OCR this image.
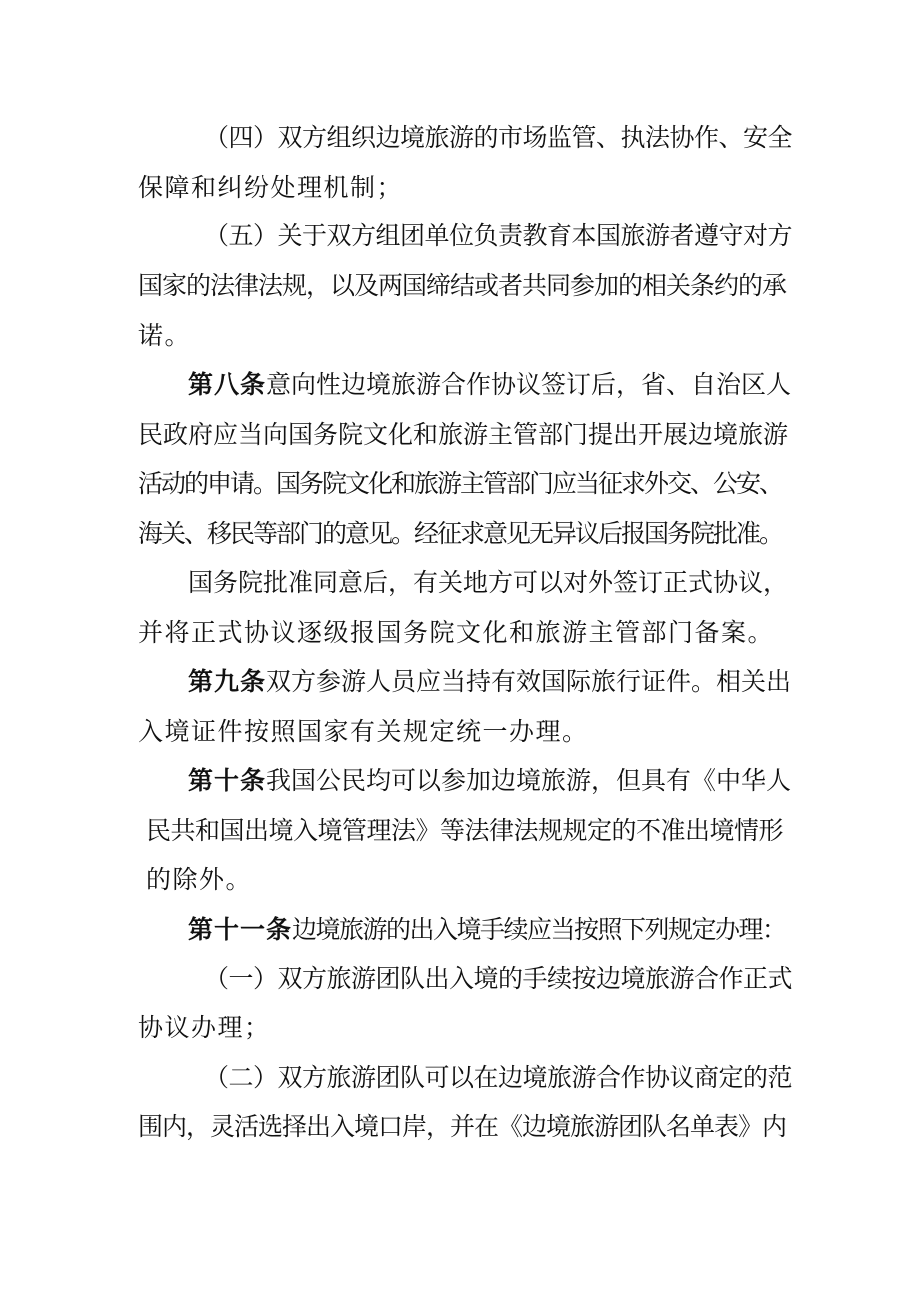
（四）双方组织边境旅游的市场监管、执法协作、安全
保障和纠纷处理机制；
（五）关于双方组团单位负责教育本国旅游者遵守对方
国家的法律法规，以及两国缔结或者共同参加的相关条约的承
诺。
第八条意向性边境旅游合作协议签订后，省、自治区人
民政府应当向国务院文化和旅游主管部门提出开展边境旅游
活动的申请。国务院文化和旅游主管部门应当征求外交、公安、
海关、移民等部门的意见。经征求意见无异议后报国务院批准。
国务院批准同意后，有关地方可以对外签订正式协议，
并将正式协议逐级报国务院文化和旅游主管部门备案。
第九条双方参游人员应当持有效国际旅行证件。相关出
入境证件按照国家有关规定统一办理。
第十条我国公民均可以参加边境旅游，但具有《中华人
民共和国出境入境管理法》等法律法规规定的不准出境情形
的除外。
第十一条边境旅游的出入境手续应当按照下列规定办理：
（一）双方旅游团队出入境的手续按边境旅游合作正式
协议办理；
（二）双方旅游团队可以在边境旅游合作协议商定的范
围内，灵活选择出入境口岸，并在《边境旅游团队名单表》内
